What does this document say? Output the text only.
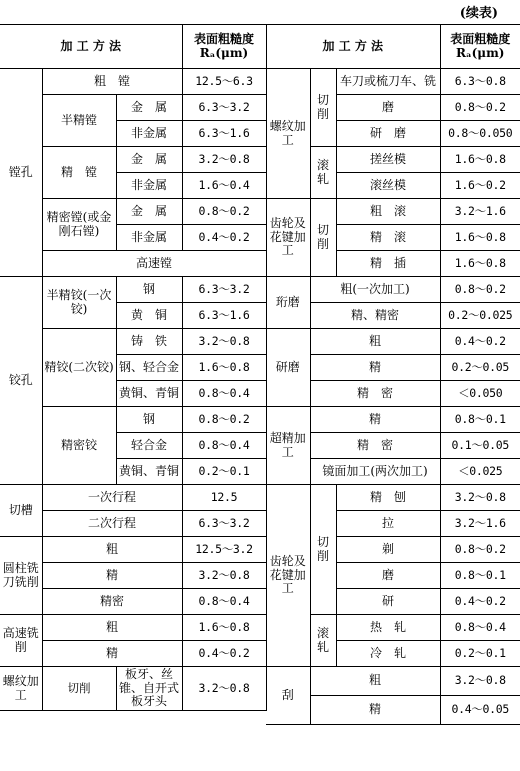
(续表)
加 工 方 法			表面粗糙度
Rₐ(μm)	
镗孔	粗　镗		12.5～6.3	
	半精镗	金　属	6.3～3.2	
		非金属	6.3～1.6	
	精　镗	金　属	3.2～0.8	
		非金属	1.6～0.4	
	精密镗(或金刚石镗)	金　属	0.8～0.2	
		非金属	0.4～0.2	
	高速镗	

铰孔	半精铰(一次铰)	钢	6.3～3.2	
		黄　铜	6.3～1.6	
	精铰(二次铰)	铸　铁	3.2～0.8	
		钢、轻合金	1.6～0.8	
		黄铜、青铜	0.8～0.4	
	精密铰	钢	0.8～0.2	
		轻合金	0.8～0.4	
		黄铜、青铜	0.2～0.1	
切槽	一次行程		12.5	
	二次行程		6.3～3.2	
圆柱铣刀铣削	粗		12.5～3.2	
	精		3.2～0.8	
	精密		0.8～0.4	
高速铣削	粗		1.6～0.8	
	精		0.4～0.2	
螺纹加工	切削	板牙、丝锥、自开式板牙头	3.2～0.8	
加 工 方 法			表面粗糙度
Rₐ(μm)
螺纹加工	切削	车刀或梳刀车、铣	6.3～0.8
		磨	0.8～0.2
		研　磨	0.8～0.050
	滚轧	搓丝模	1.6～0.8
		滚丝模	1.6～0.2
齿轮及花键加工	切削	粗　滚	3.2～1.6
		精　滚	1.6～0.8
		精　插	1.6～0.8
珩磨	粗(一次加工)		0.8～0.2
	精、精密		0.2～0.025
研磨	粗		0.4～0.2
	精		0.2～0.05
	精　密		＜0.050
超精加工	精		0.8～0.1
	精　密		0.1～0.05
	镜面加工(两次加工)		＜0.025
齿轮及花键加工	切削	精　刨	3.2～0.8
		拉	3.2～1.6
		剃	0.8～0.2
		磨	0.8～0.1
		研	0.4～0.2
	滚轧	热　轧	0.8～0.4
		冷　轧	0.2～0.1
刮	粗		3.2～0.8
	精		0.4～0.05
